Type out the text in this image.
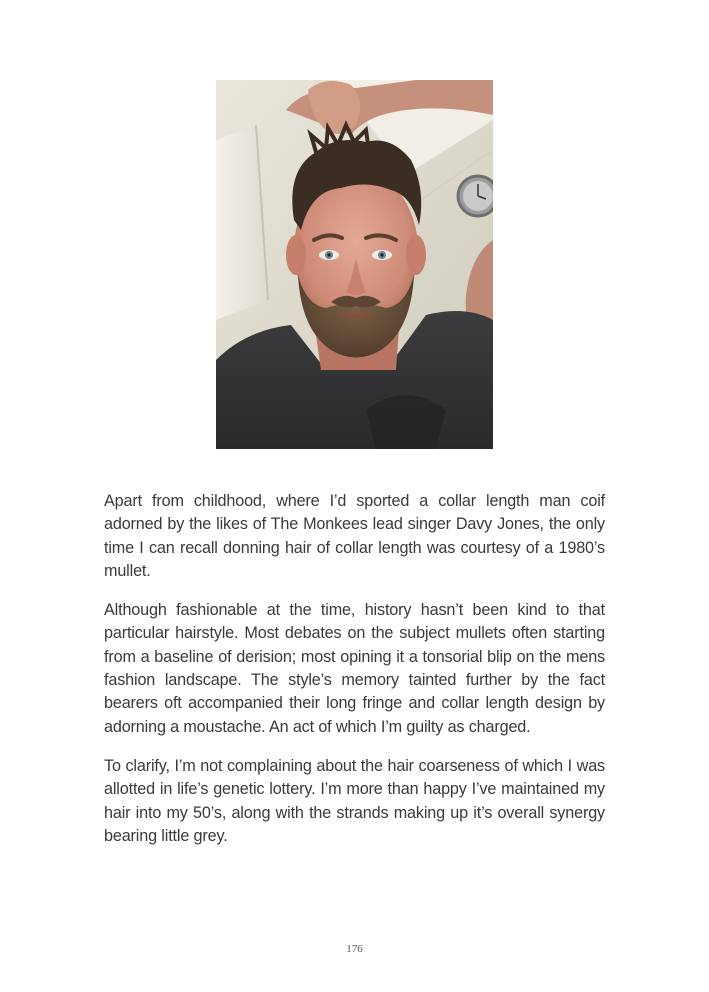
Apart from childhood, where I’d sported a collar length man coif adorned by the likes of The Monkees lead singer Davy Jones, the only time I can recall donning hair of collar length was courtesy of a 1980’s mullet.

Although fashionable at the time, history hasn’t been kind to that particular hairstyle. Most debates on the subject mullets often starting from a baseline of derision; most opining it a tonsorial blip on the mens fashion landscape. The style’s memory tainted further by the fact bearers oft accompanied their long fringe and collar length design by adorning a moustache. An act of which I’m guilty as charged.

To clarify, I’m not complaining about the hair coarseness of which I was allotted in life’s genetic lottery. I’m more than happy I’ve maintained my hair into my 50’s, along with the strands making up it’s overall synergy bearing little grey.

176
